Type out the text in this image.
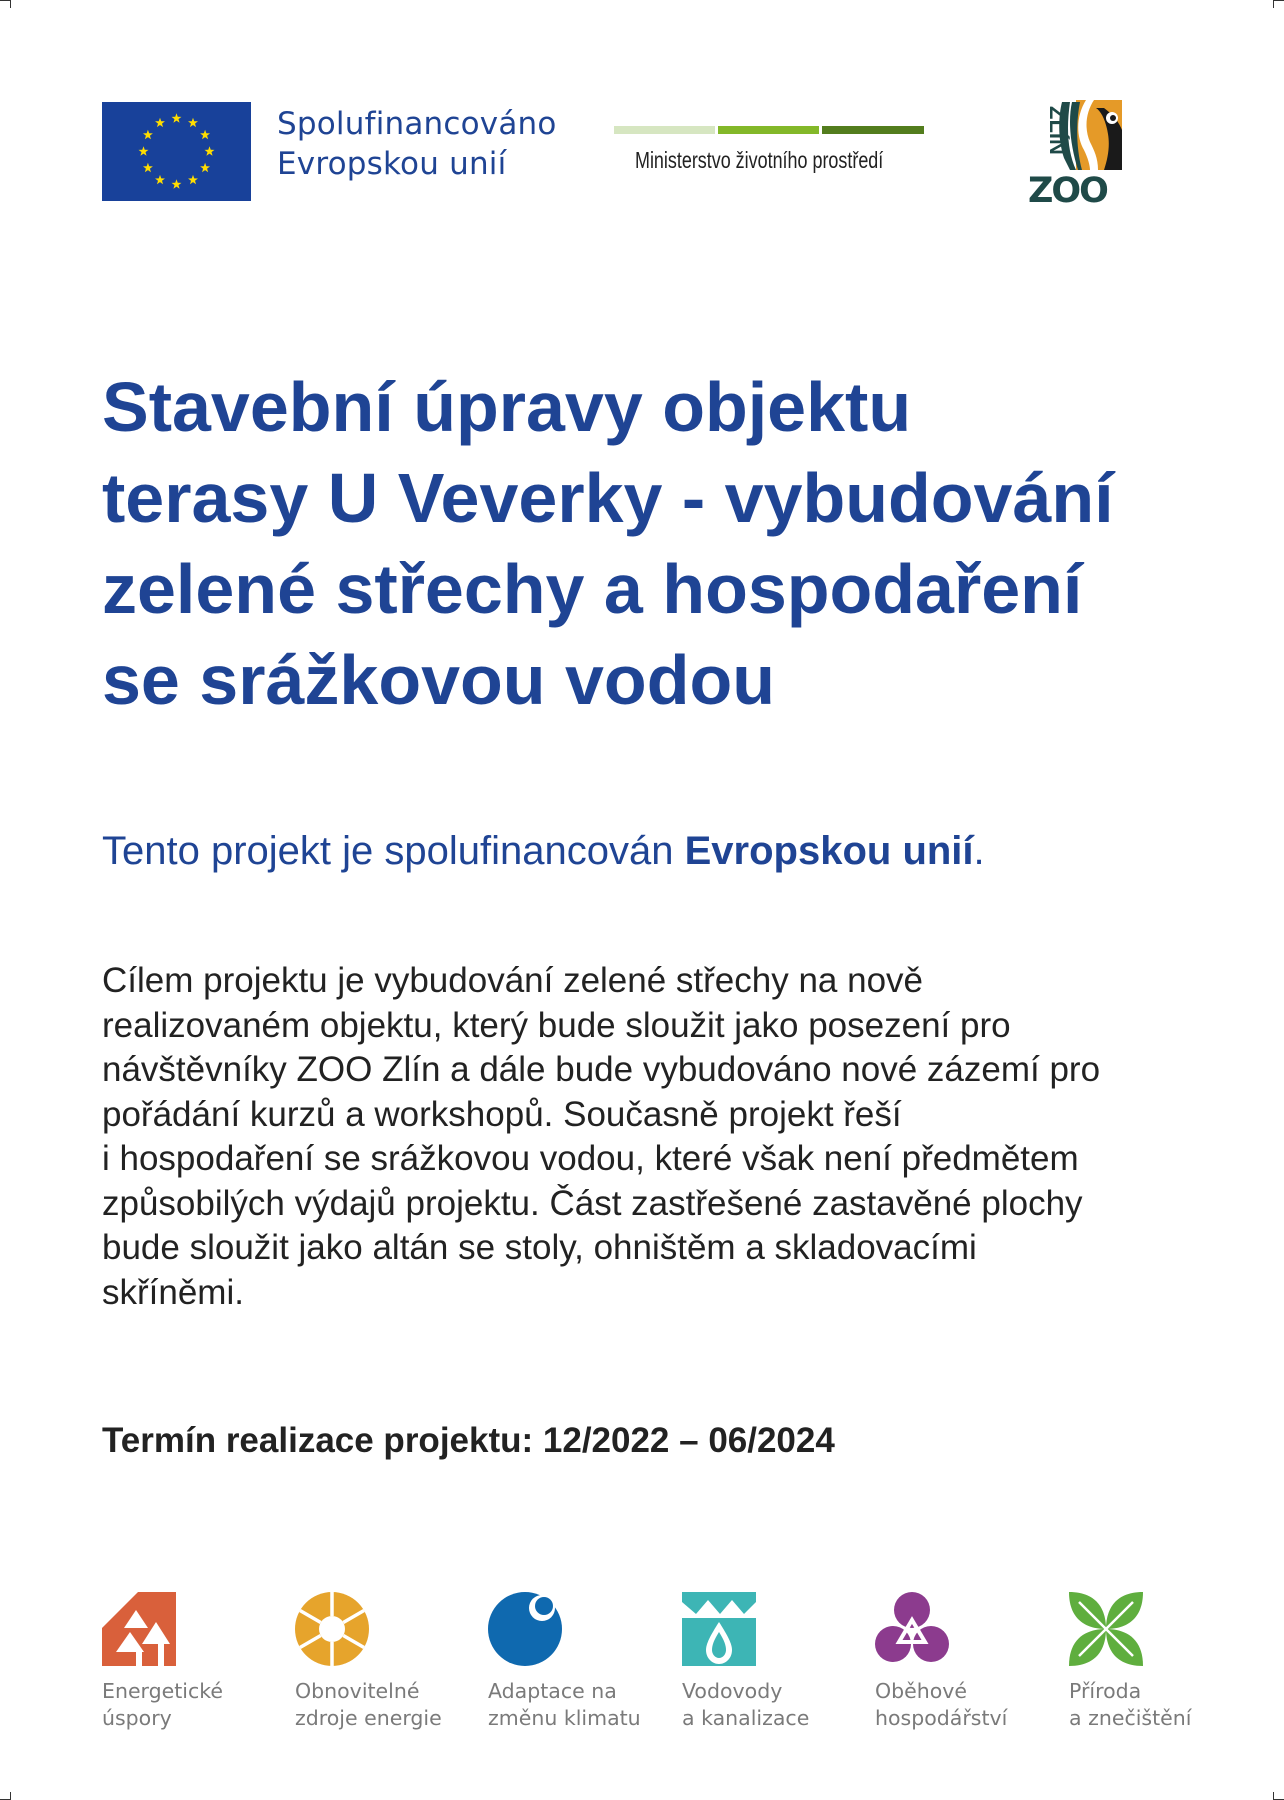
Spolufinancováno
Evropskou unií	Ministerstvo životního prostředí
ZLÍN
ZOO
Stavební úpravy objektu
terasy U Veverky - vybudování
zelené střechy a hospodaření
se srážkovou vodou

Tento projekt je spolufinancován Evropskou unií.

Cílem projektu je vybudování zelené střechy na nově
realizovaném objektu, který bude sloužit jako posezení pro
návštěvníky ZOO Zlín a dále bude vybudováno nové zázemí pro
pořádání kurzů a workshopů. Současně projekt řeší
i hospodaření se srážkovou vodou, které však není předmětem
způsobilých výdajů projektu. Část zastřešené zastavěné plochy
bude sloužit jako altán se stoly, ohništěm a skladovacími
skříněmi.

Termín realizace projektu: 12/2022 – 06/2024

Energetické
úspory
Obnovitelné
zdroje energie
Adaptace na
změnu klimatu
Vodovody
a kanalizace
Oběhové
hospodářství
Příroda
a znečištění
